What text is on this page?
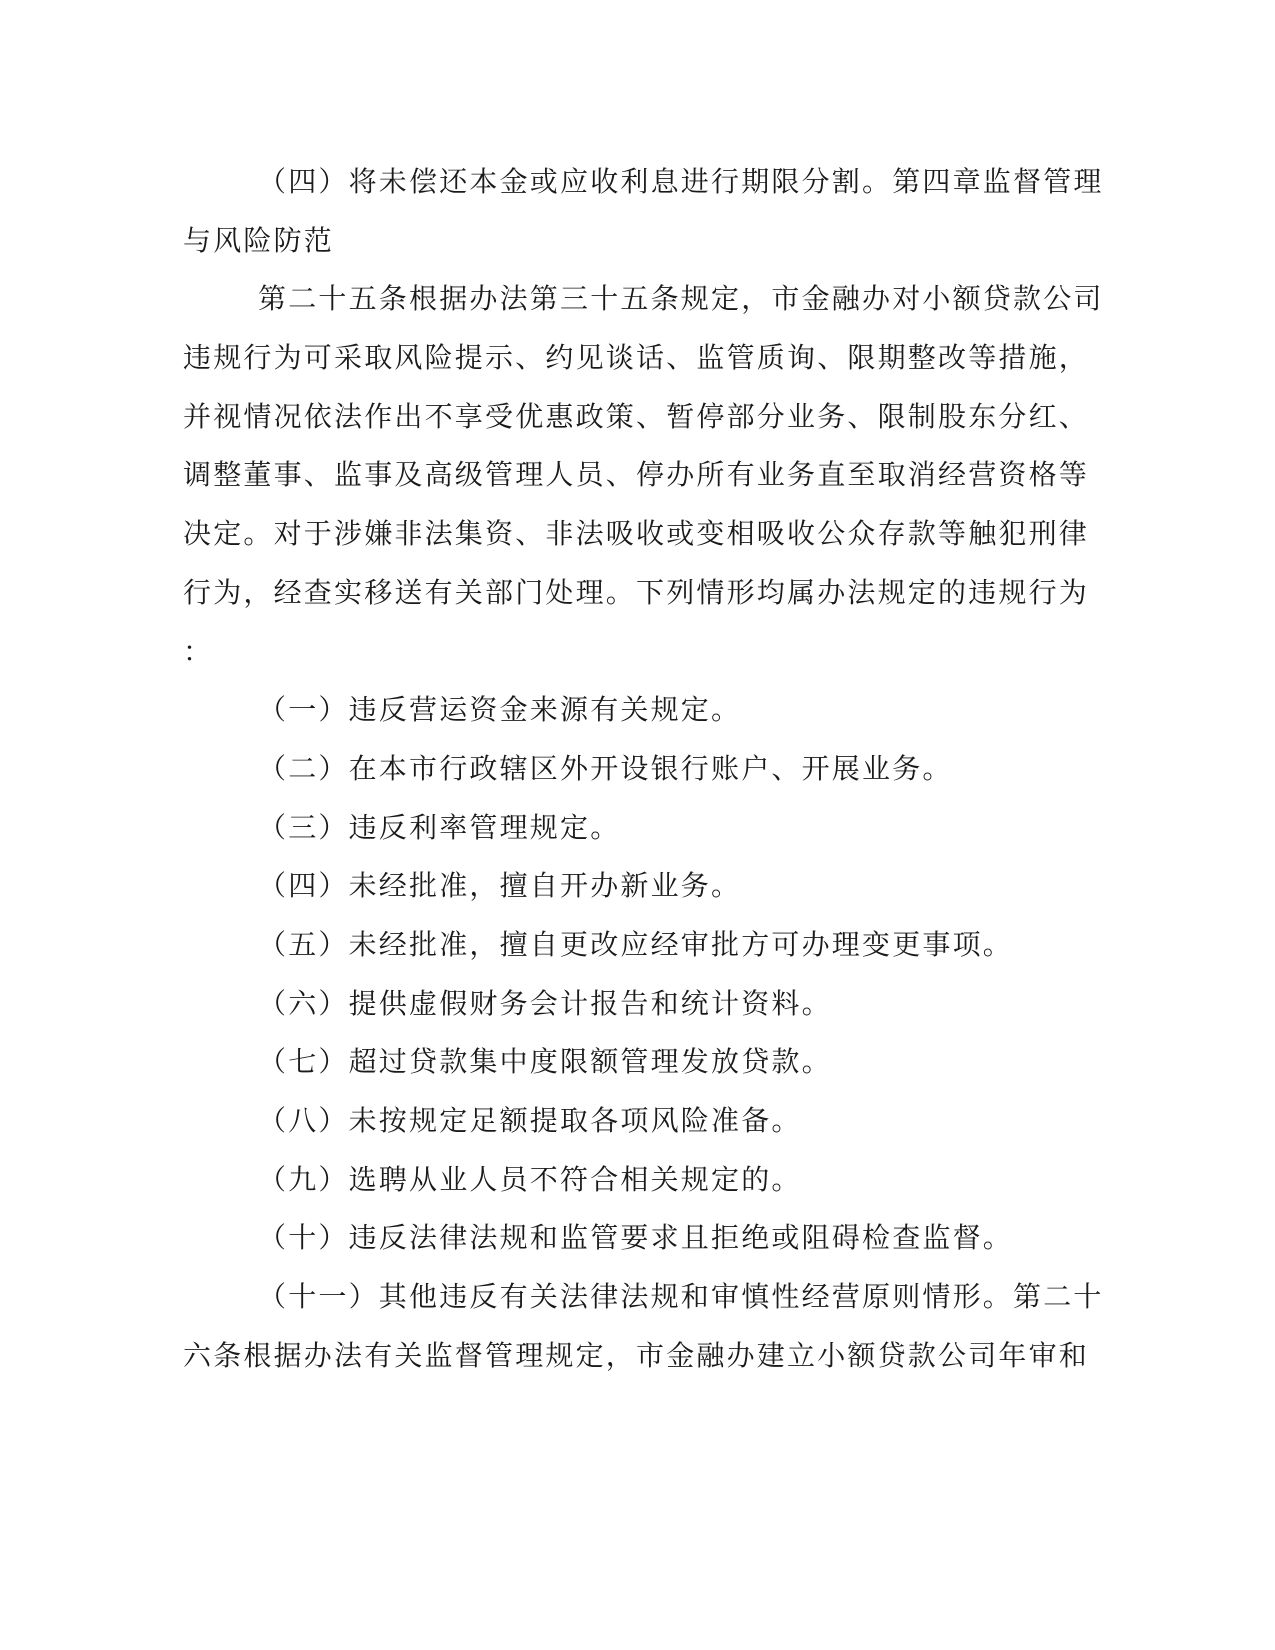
（四）将未偿还本金或应收利息进行期限分割。第四章监督管理
与风险防范
第二十五条根据办法第三十五条规定，市金融办对小额贷款公司
违规行为可采取风险提示、约见谈话、监管质询、限期整改等措施，
并视情况依法作出不享受优惠政策、暂停部分业务、限制股东分红、
调整董事、监事及高级管理人员、停办所有业务直至取消经营资格等
决定。对于涉嫌非法集资、非法吸收或变相吸收公众存款等触犯刑律
行为，经查实移送有关部门处理。下列情形均属办法规定的违规行为
：
（一）违反营运资金来源有关规定。
（二）在本市行政辖区外开设银行账户、开展业务。
（三）违反利率管理规定。
（四）未经批准，擅自开办新业务。
（五）未经批准，擅自更改应经审批方可办理变更事项。
（六）提供虚假财务会计报告和统计资料。
（七）超过贷款集中度限额管理发放贷款。
（八）未按规定足额提取各项风险准备。
（九）选聘从业人员不符合相关规定的。
（十）违反法律法规和监管要求且拒绝或阻碍检查监督。
（十一）其他违反有关法律法规和审慎性经营原则情形。第二十
六条根据办法有关监督管理规定，市金融办建立小额贷款公司年审和
